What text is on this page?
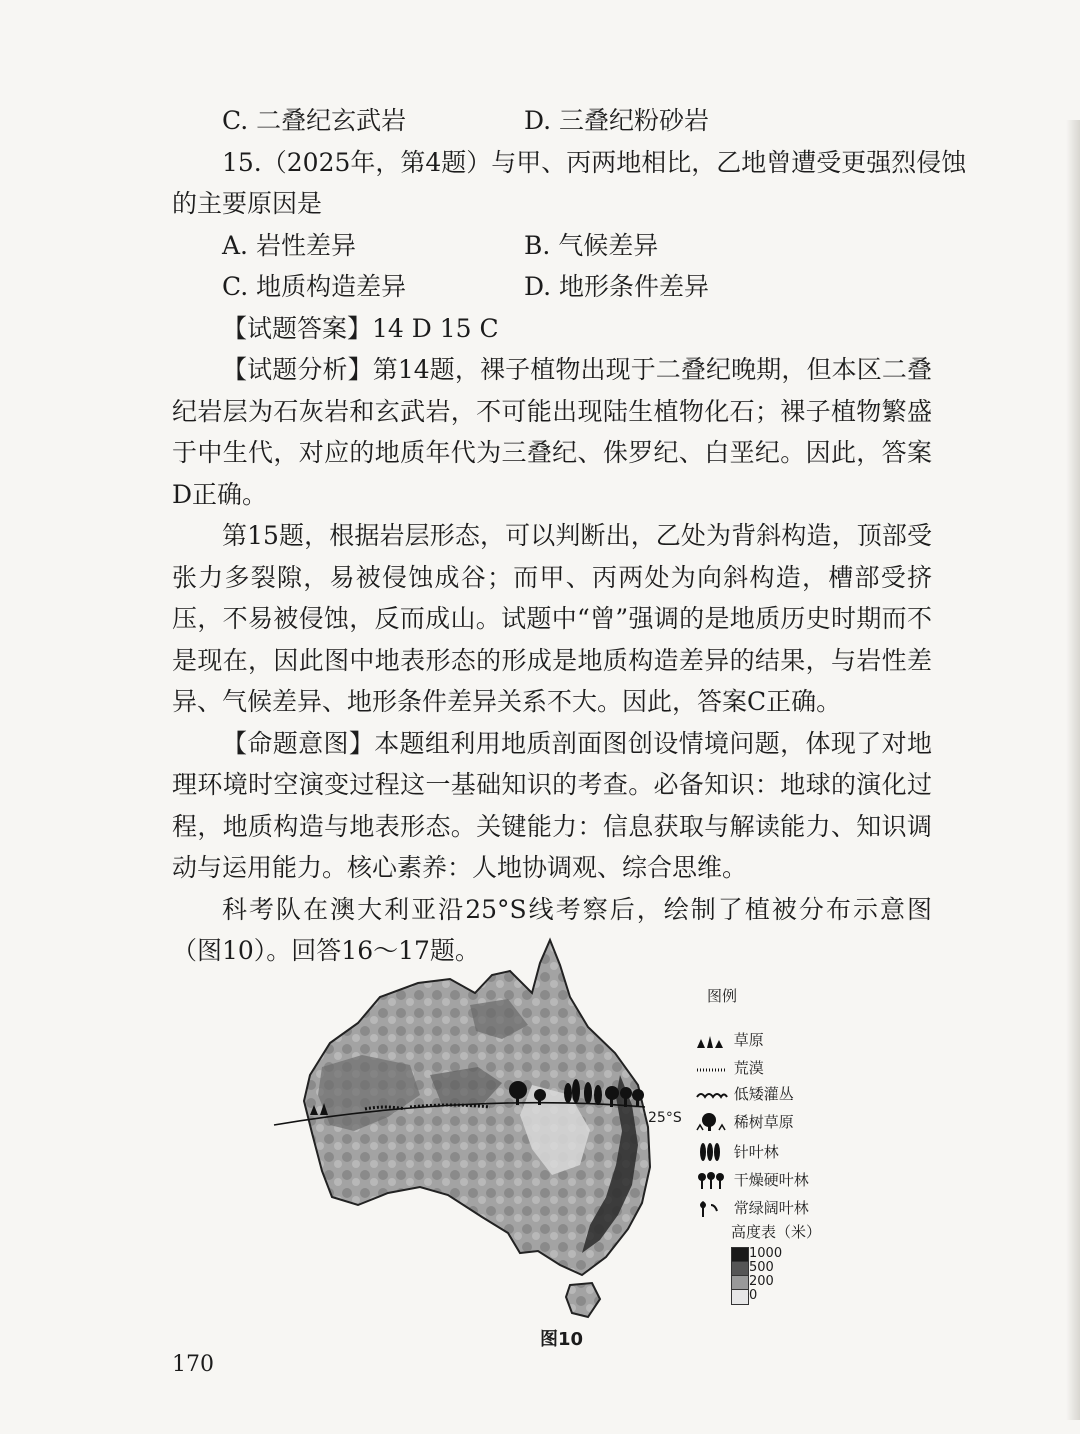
C. 二叠纪玄武岩	D. 三叠纪粉砂岩

15.（2025年，第4题）与甲、丙两地相比，乙地曾遭受更强烈侵蚀

的主要原因是

A. 岩性差异	B. 气候差异
C. 地质构造差异	D. 地形条件差异

【试题答案】14 D 15 C

【试题分析】第14题，裸子植物出现于二叠纪晚期，但本区二叠纪岩层为石灰岩和玄武岩，不可能出现陆生植物化石；裸子植物繁盛于中生代，对应的地质年代为三叠纪、侏罗纪、白垩纪。因此，答案D正确。

第15题，根据岩层形态，可以判断出，乙处为背斜构造，顶部受张力多裂隙，易被侵蚀成谷；而甲、丙两处为向斜构造，槽部受挤压，不易被侵蚀，反而成山。试题中“曾”强调的是地质历史时期而不是现在，因此图中地表形态的形成是地质构造差异的结果，与岩性差异、气候差异、地形条件差异关系不大。因此，答案C正确。

【命题意图】本题组利用地质剖面图创设情境问题，体现了对地理环境时空演变过程这一基础知识的考查。必备知识：地球的演化过程，地质构造与地表形态。关键能力：信息获取与解读能力、知识调动与运用能力。核心素养：人地协调观、综合思维。

科考队在澳大利亚沿25°S线考察后，绘制了植被分布示意图（图10）。回答16～17题。

25°S
图例
草原
荒漠
低矮灌丛
稀树草原
针叶林
干燥硬叶林
常绿阔叶林
高度表（米）
1000
500
200
0
图10
170
